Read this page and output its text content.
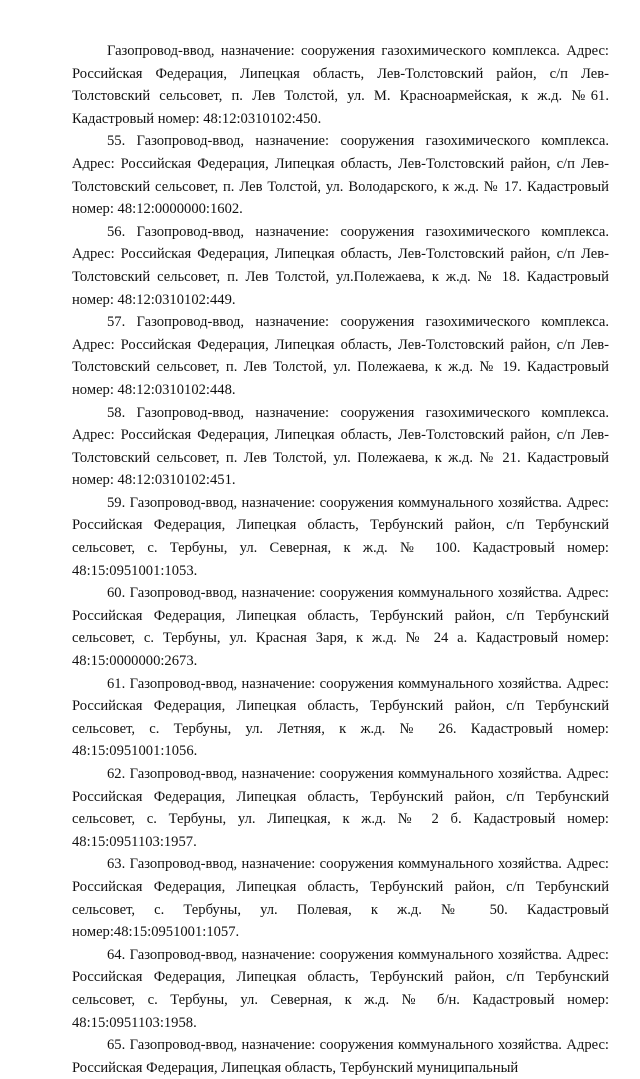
Газопровод-ввод, назначение: сооружения газохимического комплекса. Адрес: Российская Федерация, Липецкая область, Лев-Толстовский район, с/п Лев-Толстовский сельсовет, п. Лев Толстой, ул. М. Красноармейская, к ж.д. №61. Кадастровый номер: 48:12:0310102:450.

55. Газопровод-ввод, назначение: сооружения газохимического комплекса. Адрес: Российская Федерация, Липецкая область, Лев-Толстовский район, с/п Лев-Толстовский сельсовет, п. Лев Толстой, ул. Володарского, к ж.д. № 17. Кадастровый номер: 48:12:0000000:1602.

56. Газопровод-ввод, назначение: сооружения газохимического комплекса. Адрес: Российская Федерация, Липецкая область, Лев-Толстовский район, с/п Лев-Толстовский сельсовет, п. Лев Толстой, ул.Полежаева, к ж.д. № 18. Кадастровый номер: 48:12:0310102:449.

57. Газопровод-ввод, назначение: сооружения газохимического комплекса. Адрес: Российская Федерация, Липецкая область, Лев-Толстовский район, с/п Лев-Толстовский сельсовет, п. Лев Толстой, ул. Полежаева, к ж.д. № 19. Кадастровый номер: 48:12:0310102:448.

58. Газопровод-ввод, назначение: сооружения газохимического комплекса. Адрес: Российская Федерация, Липецкая область, Лев-Толстовский район, с/п Лев-Толстовский сельсовет, п. Лев Толстой, ул. Полежаева, к ж.д. № 21. Кадастровый номер: 48:12:0310102:451.

59. Газопровод-ввод, назначение: сооружения коммунального хозяйства. Адрес: Российская Федерация, Липецкая область, Тербунский район, с/п Тербунский сельсовет, с. Тербуны, ул. Северная, к ж.д. № 100. Кадастровый номер: 48:15:0951001:1053.

60. Газопровод-ввод, назначение: сооружения коммунального хозяйства. Адрес: Российская Федерация, Липецкая область, Тербунский район, с/п Тербунский сельсовет, с. Тербуны, ул. Красная Заря, к ж.д. № 24 а. Кадастровый номер: 48:15:0000000:2673.

61. Газопровод-ввод, назначение: сооружения коммунального хозяйства. Адрес: Российская Федерация, Липецкая область, Тербунский район, с/п Тербунский сельсовет, с. Тербуны, ул. Летняя, к ж.д. № 26. Кадастровый номер: 48:15:0951001:1056.

62. Газопровод-ввод, назначение: сооружения коммунального хозяйства. Адрес: Российская Федерация, Липецкая область, Тербунский район, с/п Тербунский сельсовет, с. Тербуны, ул. Липецкая, к ж.д. № 2 б. Кадастровый номер: 48:15:0951103:1957.

63. Газопровод-ввод, назначение: сооружения коммунального хозяйства. Адрес: Российская Федерация, Липецкая область, Тербунский район, с/п Тербунский сельсовет, с. Тербуны, ул. Полевая, к ж.д. № 50. Кадастровый номер:48:15:0951001:1057.

64. Газопровод-ввод, назначение: сооружения коммунального хозяйства. Адрес: Российская Федерация, Липецкая область, Тербунский район, с/п Тербунский сельсовет, с. Тербуны, ул. Северная, к ж.д. № б/н. Кадастровый номер: 48:15:0951103:1958.

65. Газопровод-ввод, назначение: сооружения коммунального хозяйства. Адрес: Российская Федерация, Липецкая область, Тербунский муниципальный
